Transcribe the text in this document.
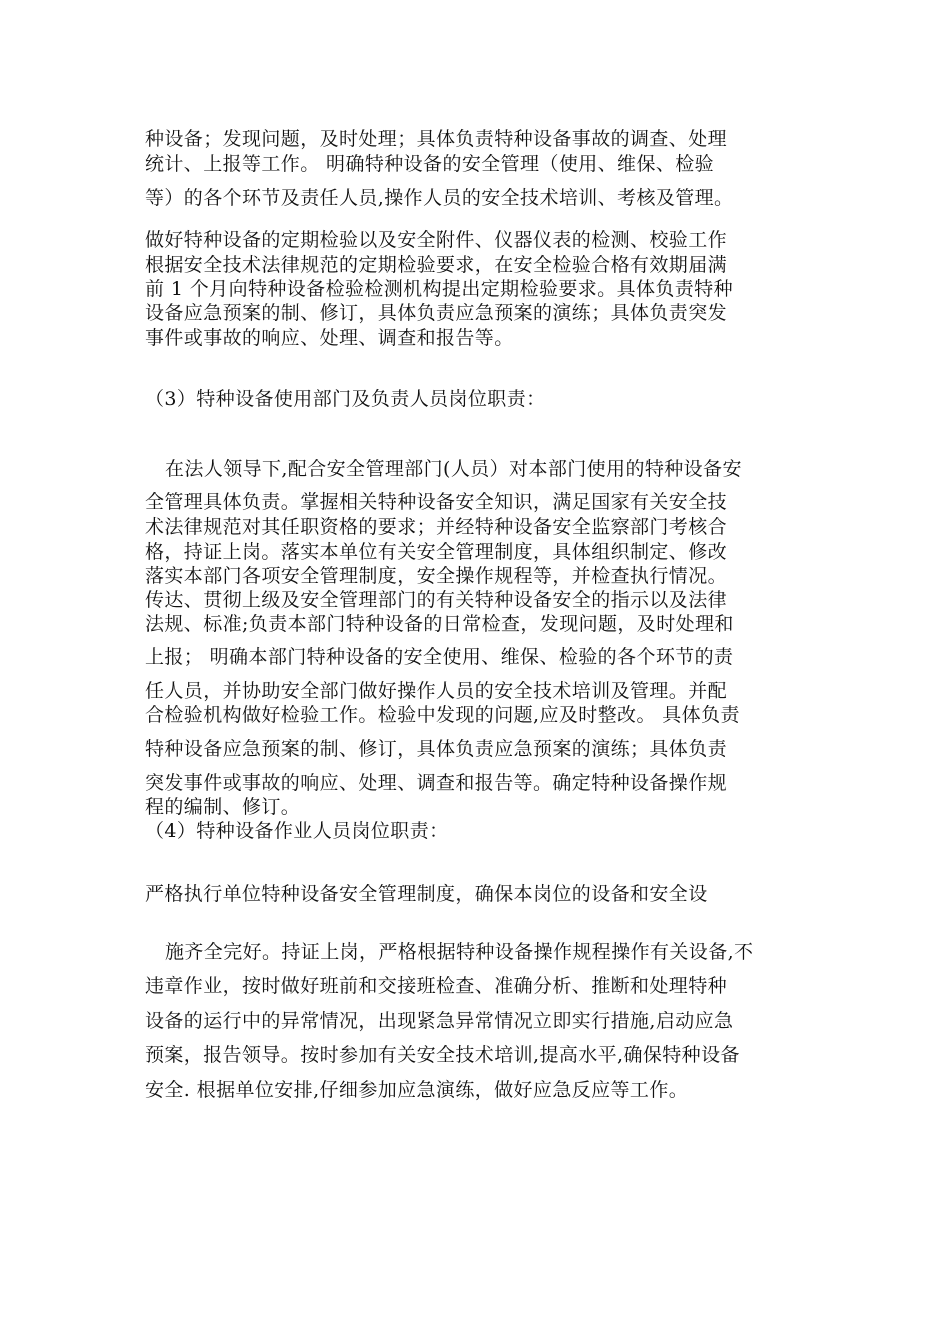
种设备；发现问题，及时处理；具体负责特种设备事故的调查、处理
统计、上报等工作。 明确特种设备的安全管理（使用、维保、检验
等）的各个环节及责任人员,操作人员的安全技术培训、考核及管理。
做好特种设备的定期检验以及安全附件、仪器仪表的检测、校验工作
根据安全技术法律规范的定期检验要求，在安全检验合格有效期届满
前 1 个月向特种设备检验检测机构提出定期检验要求。具体负责特种
设备应急预案的制、修订，具体负责应急预案的演练；具体负责突发
事件或事故的响应、处理、调查和报告等。
（3）特种设备使用部门及负责人员岗位职责：
在法人领导下,配合安全管理部门(人员）对本部门使用的特种设备安
全管理具体负责。掌握相关特种设备安全知识，满足国家有关安全技
术法律规范对其任职资格的要求；并经特种设备安全监察部门考核合
格，持证上岗。落实本单位有关安全管理制度，具体组织制定、修改
落实本部门各项安全管理制度，安全操作规程等，并检查执行情况。
传达、贯彻上级及安全管理部门的有关特种设备安全的指示以及法律
法规、标准;负责本部门特种设备的日常检查，发现问题，及时处理和
上报； 明确本部门特种设备的安全使用、维保、检验的各个环节的责
任人员，并协助安全部门做好操作人员的安全技术培训及管理。并配
合检验机构做好检验工作。检验中发现的问题,应及时整改。 具体负责
特种设备应急预案的制、修订，具体负责应急预案的演练；具体负责
突发事件或事故的响应、处理、调查和报告等。确定特种设备操作规
程的编制、修订。
（4）特种设备作业人员岗位职责：
严格执行单位特种设备安全管理制度，确保本岗位的设备和安全设
施齐全完好。持证上岗，严格根据特种设备操作规程操作有关设备,不
违章作业，按时做好班前和交接班检查、准确分析、推断和处理特种
设备的运行中的异常情况，出现紧急异常情况立即实行措施,启动应急
预案，报告领导。按时参加有关安全技术培训,提高水平,确保特种设备
安全. 根据单位安排,仔细参加应急演练，做好应急反应等工作。
